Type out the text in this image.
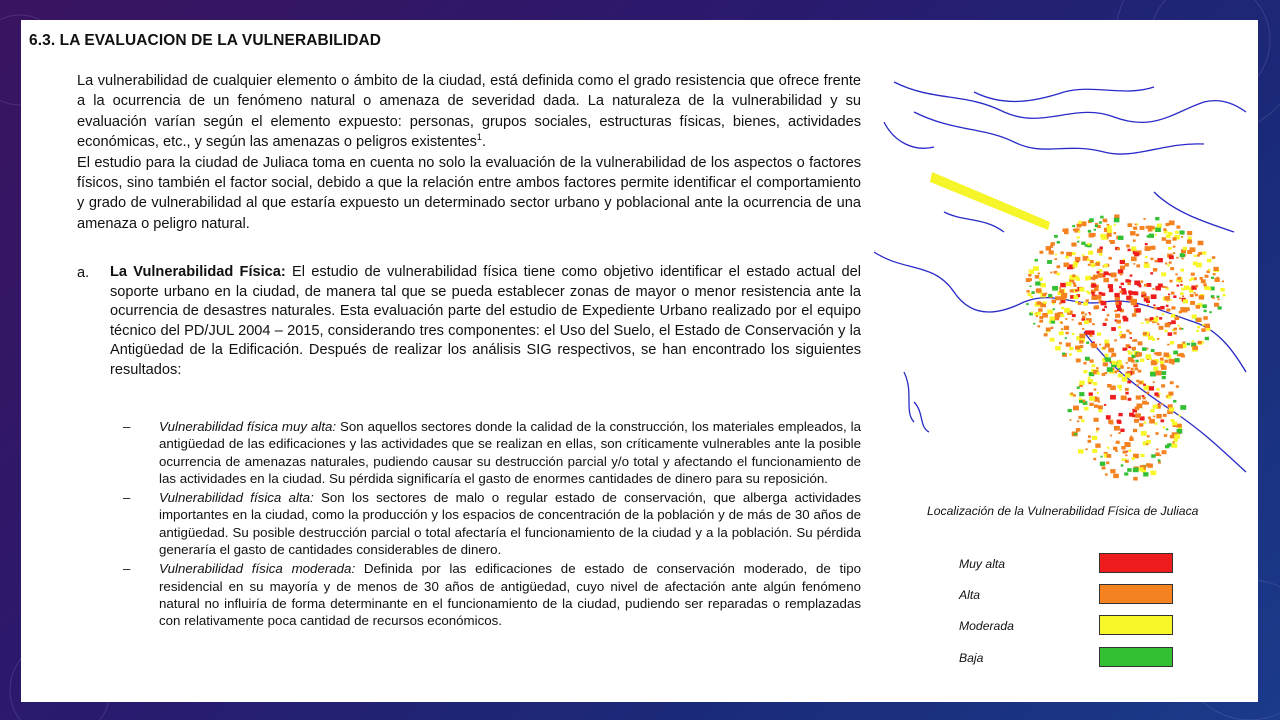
6.3. LA EVALUACION DE LA VULNERABILIDAD

La vulnerabilidad de cualquier elemento o ámbito de la ciudad, está definida como el grado resistencia que ofrece frente a la ocurrencia de un fenómeno natural o amenaza de severidad dada. La naturaleza de la vulnerabilidad y su evaluación varían según el elemento expuesto: personas, grupos sociales, estructuras físicas, bienes, actividades económicas, etc., y según las amenazas o peligros existentes$^1$.

El estudio para la ciudad de Juliaca toma en cuenta no solo la evaluación de la vulnerabilidad de los aspectos o factores físicos, sino también el factor social, debido a que la relación entre ambos factores permite identificar el comportamiento y grado de vulnerabilidad al que estaría expuesto un determinado sector urbano y poblacional ante la ocurrencia de una amenaza o peligro natural.

a. La Vulnerabilidad Física: El estudio de vulnerabilidad física tiene como objetivo identificar el estado actual del soporte urbano en la ciudad, de manera tal que se pueda establecer zonas de mayor o menor resistencia ante la ocurrencia de desastres naturales. Esta evaluación parte del estudio de Expediente Urbano realizado por el equipo técnico del PD/JUL 2004 – 2015, considerando tres componentes: el Uso del Suelo, el Estado de Conservación y la Antigüedad de la Edificación. Después de realizar los análisis SIG respectivos, se han encontrado los siguientes resultados:

– Vulnerabilidad física muy alta: Son aquellos sectores donde la calidad de la construcción, los materiales empleados, la antigüedad de las edificaciones y las actividades que se realizan en ellas, son críticamente vulnerables ante la posible ocurrencia de amenazas naturales, pudiendo causar su destrucción parcial y/o total y afectando el funcionamiento de las actividades en la ciudad. Su pérdida significaría el gasto de enormes cantidades de dinero para su reposición.
– Vulnerabilidad física alta: Son los sectores de malo o regular estado de conservación, que alberga actividades importantes en la ciudad, como la producción y los espacios de concentración de la población y de más de 30 años de antigüedad. Su posible destrucción parcial o total afectaría el funcionamiento de la ciudad y a la población. Su pérdida generaría el gasto de cantidades considerables de dinero.
– Vulnerabilidad física moderada: Definida por las edificaciones de estado de conservación moderado, de tipo residencial en su mayoría y de menos de 30 años de antigüedad, cuyo nivel de afectación ante algún fenómeno natural no influiría de forma determinante en el funcionamiento de la ciudad, pudiendo ser reparadas o remplazadas con relativamente poca cantidad de recursos económicos.
Localización de la Vulnerabilidad Física de Juliaca
Muy alta
Alta
Moderada
Baja
